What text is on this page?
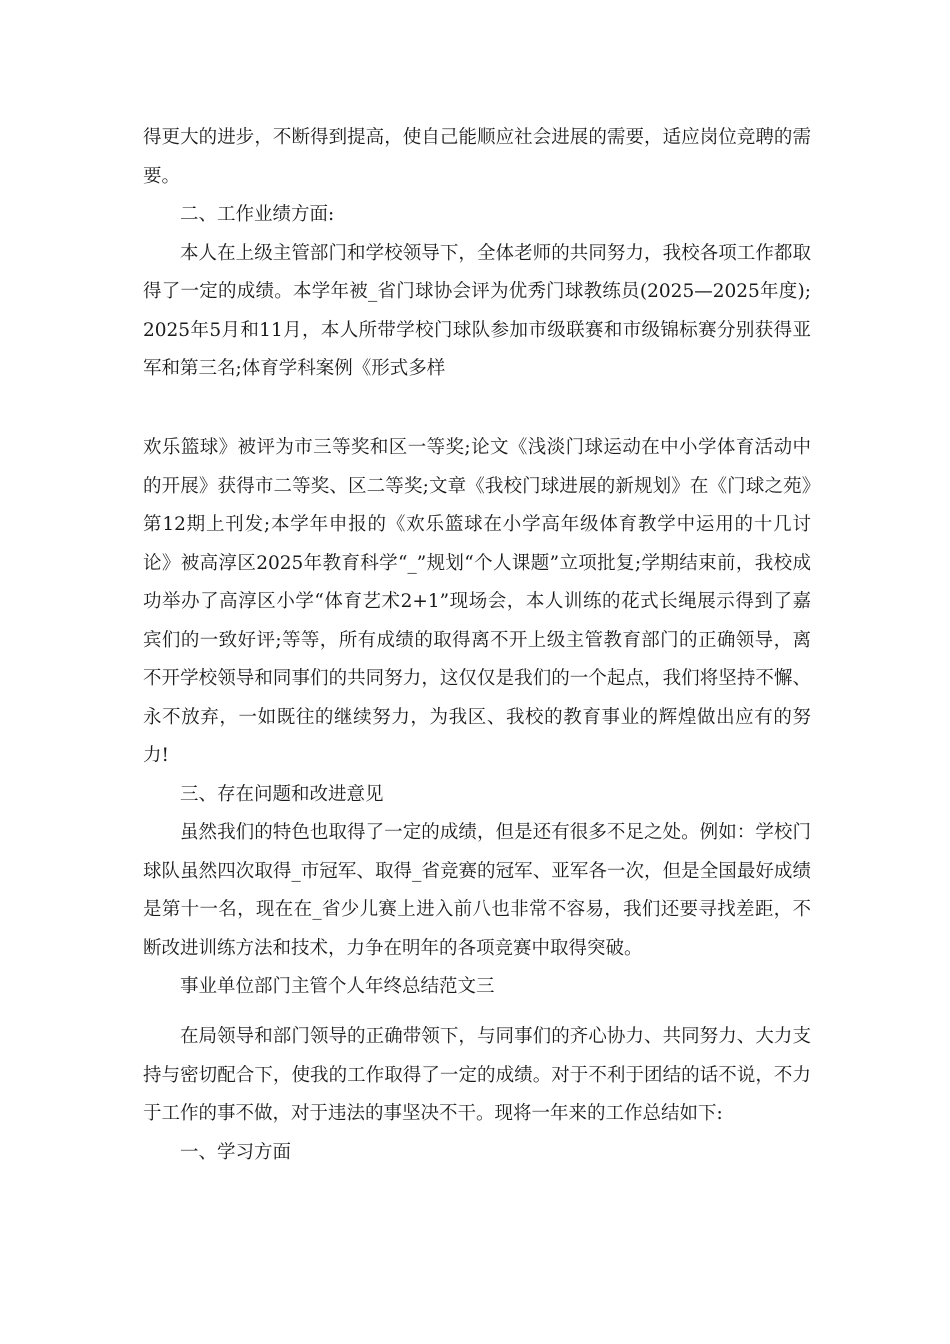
得更大的进步，不断得到提高，使自己能顺应社会进展的需要，适应岗位竞聘的需要。

二、工作业绩方面:

本人在上级主管部门和学校领导下，全体老师的共同努力，我校各项工作都取得了一定的成绩。本学年被_省门球协会评为优秀门球教练员(2025—2025年度);2025年5月和11月，本人所带学校门球队参加市级联赛和市级锦标赛分别获得亚军和第三名;体育学科案例《形式多样

欢乐篮球》被评为市三等奖和区一等奖;论文《浅淡门球运动在中小学体育活动中的开展》获得市二等奖、区二等奖;文章《我校门球进展的新规划》在《门球之苑》第12期上刊发;本学年申报的《欢乐篮球在小学高年级体育教学中运用的十几讨论》被高淳区2025年教育科学“_”规划“个人课题”立项批复;学期结束前，我校成功举办了高淳区小学“体育艺术2+1”现场会，本人训练的花式长绳展示得到了嘉宾们的一致好评;等等，所有成绩的取得离不开上级主管教育部门的正确领导，离不开学校领导和同事们的共同努力，这仅仅是我们的一个起点，我们将坚持不懈、永不放弃，一如既往的继续努力，为我区、我校的教育事业的辉煌做出应有的努力!

三、存在问题和改进意见

虽然我们的特色也取得了一定的成绩，但是还有很多不足之处。例如：学校门球队虽然四次取得_市冠军、取得_省竞赛的冠军、亚军各一次，但是全国最好成绩是第十一名，现在在_省少儿赛上进入前八也非常不容易，我们还要寻找差距，不断改进训练方法和技术，力争在明年的各项竞赛中取得突破。

事业单位部门主管个人年终总结范文三

在局领导和部门领导的正确带领下，与同事们的齐心协力、共同努力、大力支持与密切配合下，使我的工作取得了一定的成绩。对于不利于团结的话不说，不力于工作的事不做，对于违法的事坚决不干。现将一年来的工作总结如下:

一、学习方面
